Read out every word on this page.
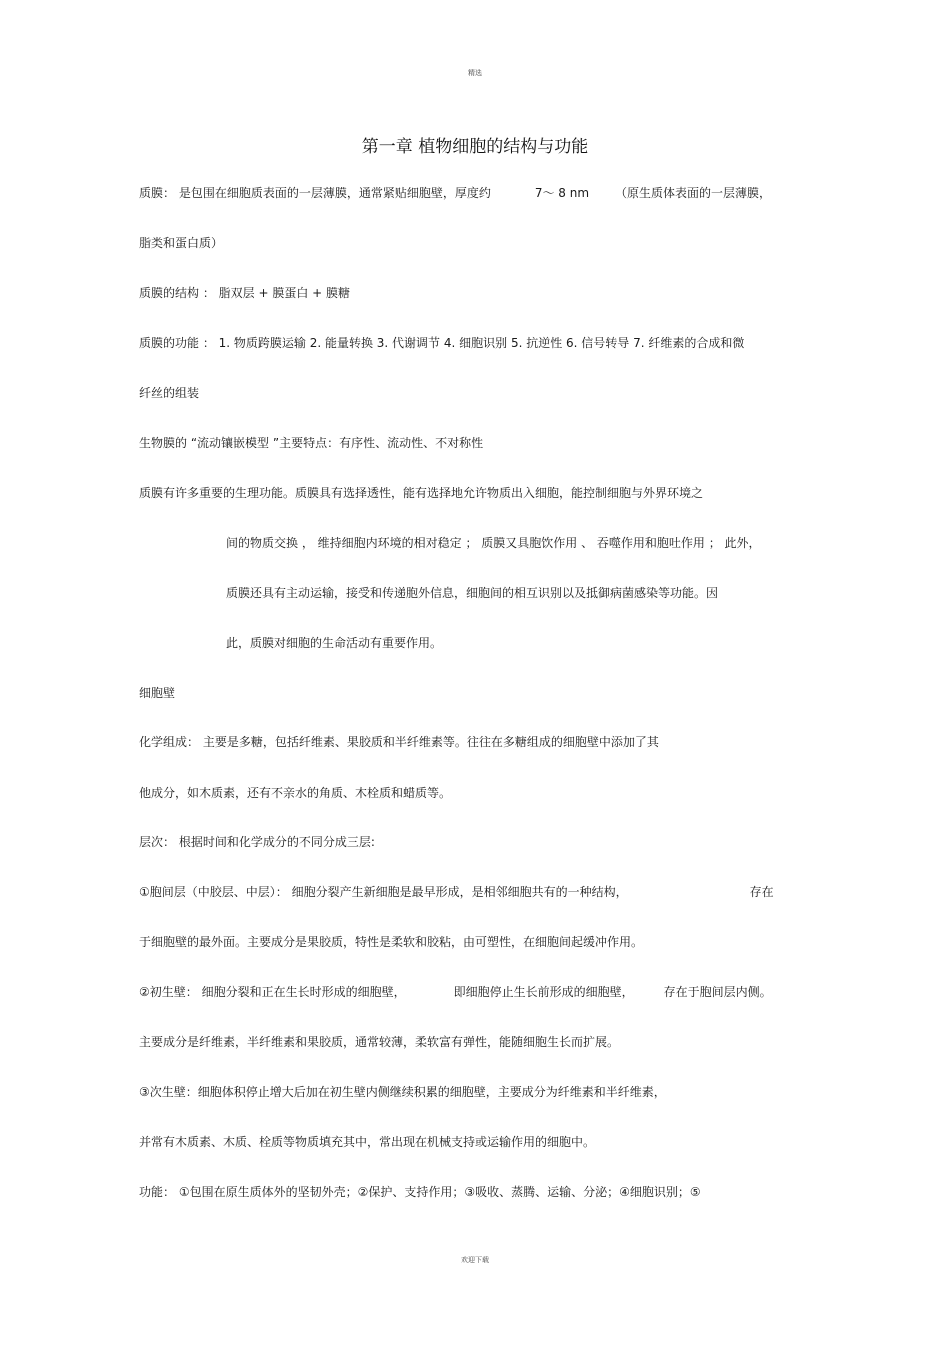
精选
第一章 植物细胞的结构与功能
质膜： 是包围在细胞质表面的一层薄膜，通常紧贴细胞壁，厚度约	7～ 8 nm （原生质体表面的一层薄膜，
脂类和蛋白质）
质膜的结构 ： 脂双层 + 膜蛋白 + 膜糖
质膜的功能 ： 1. 物质跨膜运输 2. 能量转换 3. 代谢调节 4. 细胞识别 5. 抗逆性 6. 信号转导 7. 纤维素的合成和微
纤丝的组装
生物膜的 “流动镶嵌模型 ”主要特点：有序性、流动性、不对称性
质膜有许多重要的生理功能。质膜具有选择透性，能有选择地允许物质出入细胞，能控制细胞与外界环境之
间的物质交换 ， 维持细胞内环境的相对稳定 ； 质膜又具胞饮作用 、 吞噬作用和胞吐作用 ； 此外，
质膜还具有主动运输，接受和传递胞外信息，细胞间的相互识别以及抵御病菌感染等功能。因
此，质膜对细胞的生命活动有重要作用。
细胞壁
化学组成： 主要是多糖，包括纤维素、果胶质和半纤维素等。往往在多糖组成的细胞壁中添加了其
他成分，如木质素，还有不亲水的角质、木栓质和蜡质等。
层次： 根据时间和化学成分的不同分成三层:
①胞间层（中胶层、中层）： 细胞分裂产生新细胞是最早形成，是相邻细胞共有的一种结构，	存在
于细胞壁的最外面。主要成分是果胶质，特性是柔软和胶粘，由可塑性，在细胞间起缓冲作用。
②初生壁： 细胞分裂和正在生长时形成的细胞壁，	即细胞停止生长前形成的细胞壁，	存在于胞间层内侧。
主要成分是纤维素，半纤维素和果胶质，通常较薄，柔软富有弹性，能随细胞生长而扩展。
③次生壁：细胞体积停止增大后加在初生壁内侧继续积累的细胞壁，主要成分为纤维素和半纤维素，
并常有木质素、木质、栓质等物质填充其中，常出现在机械支持或运输作用的细胞中。
功能： ①包围在原生质体外的坚韧外壳；②保护、支持作用；③吸收、蒸腾、运输、分泌；④细胞识别；⑤
欢迎下载
